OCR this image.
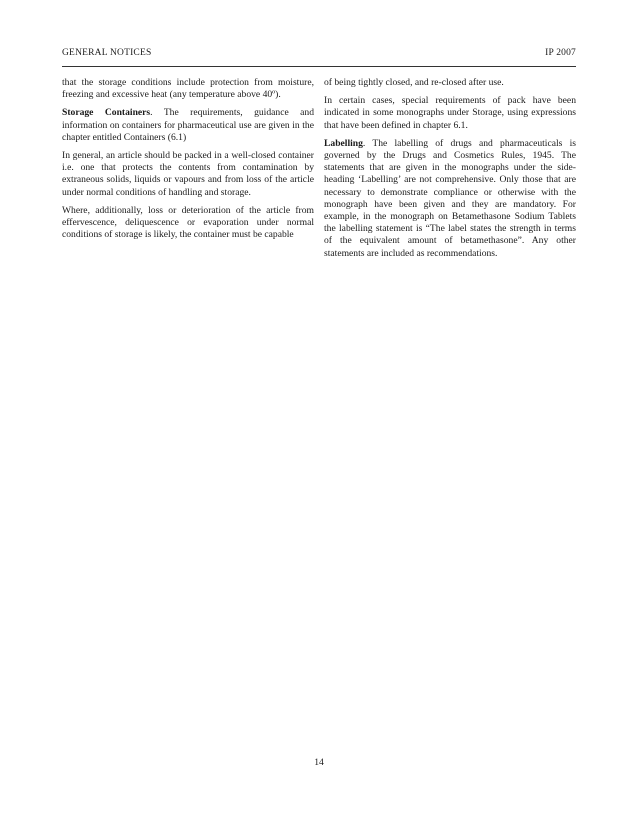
GENERAL NOTICES	IP 2007

that the storage conditions include protection from moisture, freezing and excessive heat (any temperature above 40º).

Storage Containers. The requirements, guidance and information on containers for pharmaceutical use are given in the chapter entitled Containers (6.1)

In general, an article should be packed in a well-closed container i.e. one that protects the contents from contamination by extraneous solids, liquids or vapours and from loss of the article under normal conditions of handling and storage.

Where, additionally, loss or deterioration of the article from effervescence, deliquescence or evaporation under normal conditions of storage is likely, the container must be capable

of being tightly closed, and re-closed after use.

In certain cases, special requirements of pack have been indicated in some monographs under Storage, using expressions that have been defined in chapter 6.1.

Labelling. The labelling of drugs and pharmaceuticals is governed by the Drugs and Cosmetics Rules, 1945. The statements that are given in the monographs under the side-heading ‘Labelling’ are not comprehensive. Only those that are necessary to demonstrate compliance or otherwise with the monograph have been given and they are mandatory. For example, in the monograph on Betamethasone Sodium Tablets the labelling statement is “The label states the strength in terms of the equivalent amount of betamethasone”. Any other statements are included as recommendations.

14
